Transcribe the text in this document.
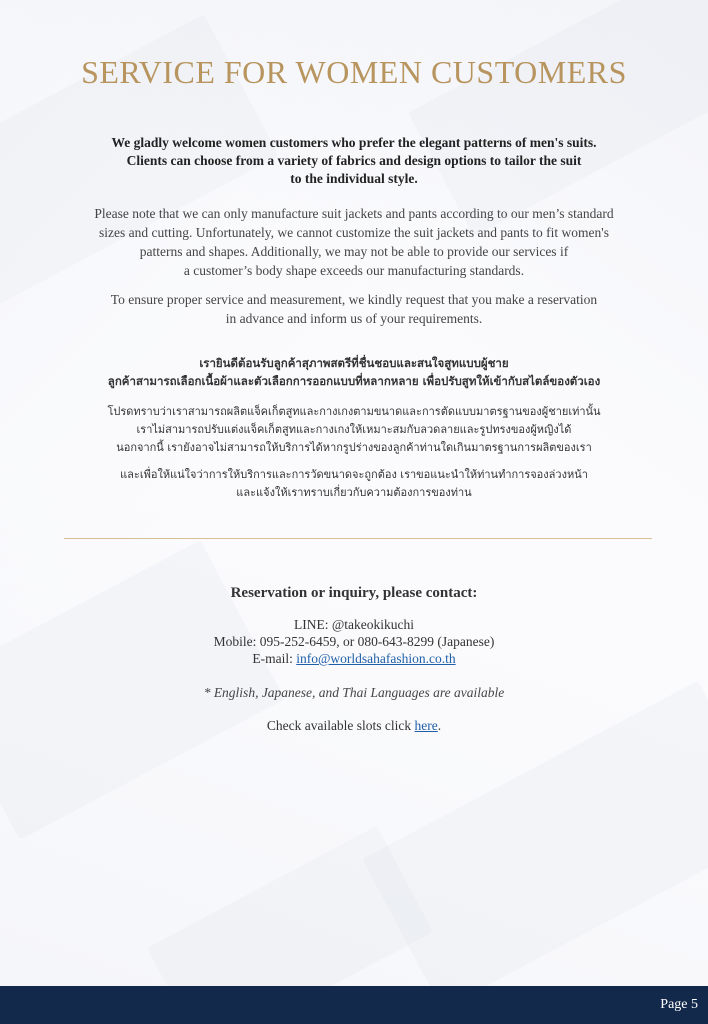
SERVICE FOR WOMEN CUSTOMERS
We gladly welcome women customers who prefer the elegant patterns of men's suits.
Clients can choose from a variety of fabrics and design options to tailor the suit
to the individual style.
Please note that we can only manufacture suit jackets and pants according to our men’s standard
sizes and cutting. Unfortunately, we cannot customize the suit jackets and pants to fit women's
patterns and shapes. Additionally, we may not be able to provide our services if
a customer’s body shape exceeds our manufacturing standards.
To ensure proper service and measurement, we kindly request that you make a reservation
in advance and inform us of your requirements.
เรายินดีต้อนรับลูกค้าสุภาพสตรีที่ชื่นชอบและสนใจสูทแบบผู้ชาย
ลูกค้าสามารถเลือกเนื้อผ้าและตัวเลือกการออกแบบที่หลากหลาย เพื่อปรับสูทให้เข้ากับสไตล์ของตัวเอง
โปรดทราบว่าเราสามารถผลิตแจ็คเก็ตสูทและกางเกงตามขนาดและการตัดแบบมาตรฐานของผู้ชายเท่านั้น
เราไม่สามารถปรับแต่งแจ็คเก็ตสูทและกางเกงให้เหมาะสมกับลวดลายและรูปทรงของผู้หญิงได้
นอกจากนี้ เรายังอาจไม่สามารถให้บริการได้หากรูปร่างของลูกค้าท่านใดเกินมาตรฐานการผลิตของเรา
และเพื่อให้แน่ใจว่าการให้บริการและการวัดขนาดจะถูกต้อง เราขอแนะนำให้ท่านทำการจองล่วงหน้า
และแจ้งให้เราทราบเกี่ยวกับความต้องการของท่าน
Reservation or inquiry, please contact:
LINE: @takeokikuchi
Mobile: 095-252-6459, or 080-643-8299 (Japanese)
E-mail: info@worldsahafashion.co.th
* English, Japanese, and Thai Languages are available
Check available slots click here.
Page 5
